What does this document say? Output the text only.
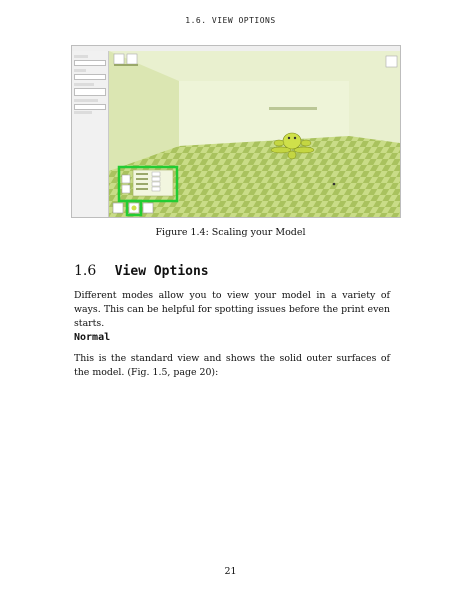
1.6. VIEW OPTIONS
Figure 1.4: Scaling your Model
1.6 View Options
Different modes allow you to view your model in a variety of ways. This can be helpful for spotting issues before the print even starts.
Normal
This is the standard view and shows the solid outer surfaces of the model. (Fig. 1.5, page 20):
21
